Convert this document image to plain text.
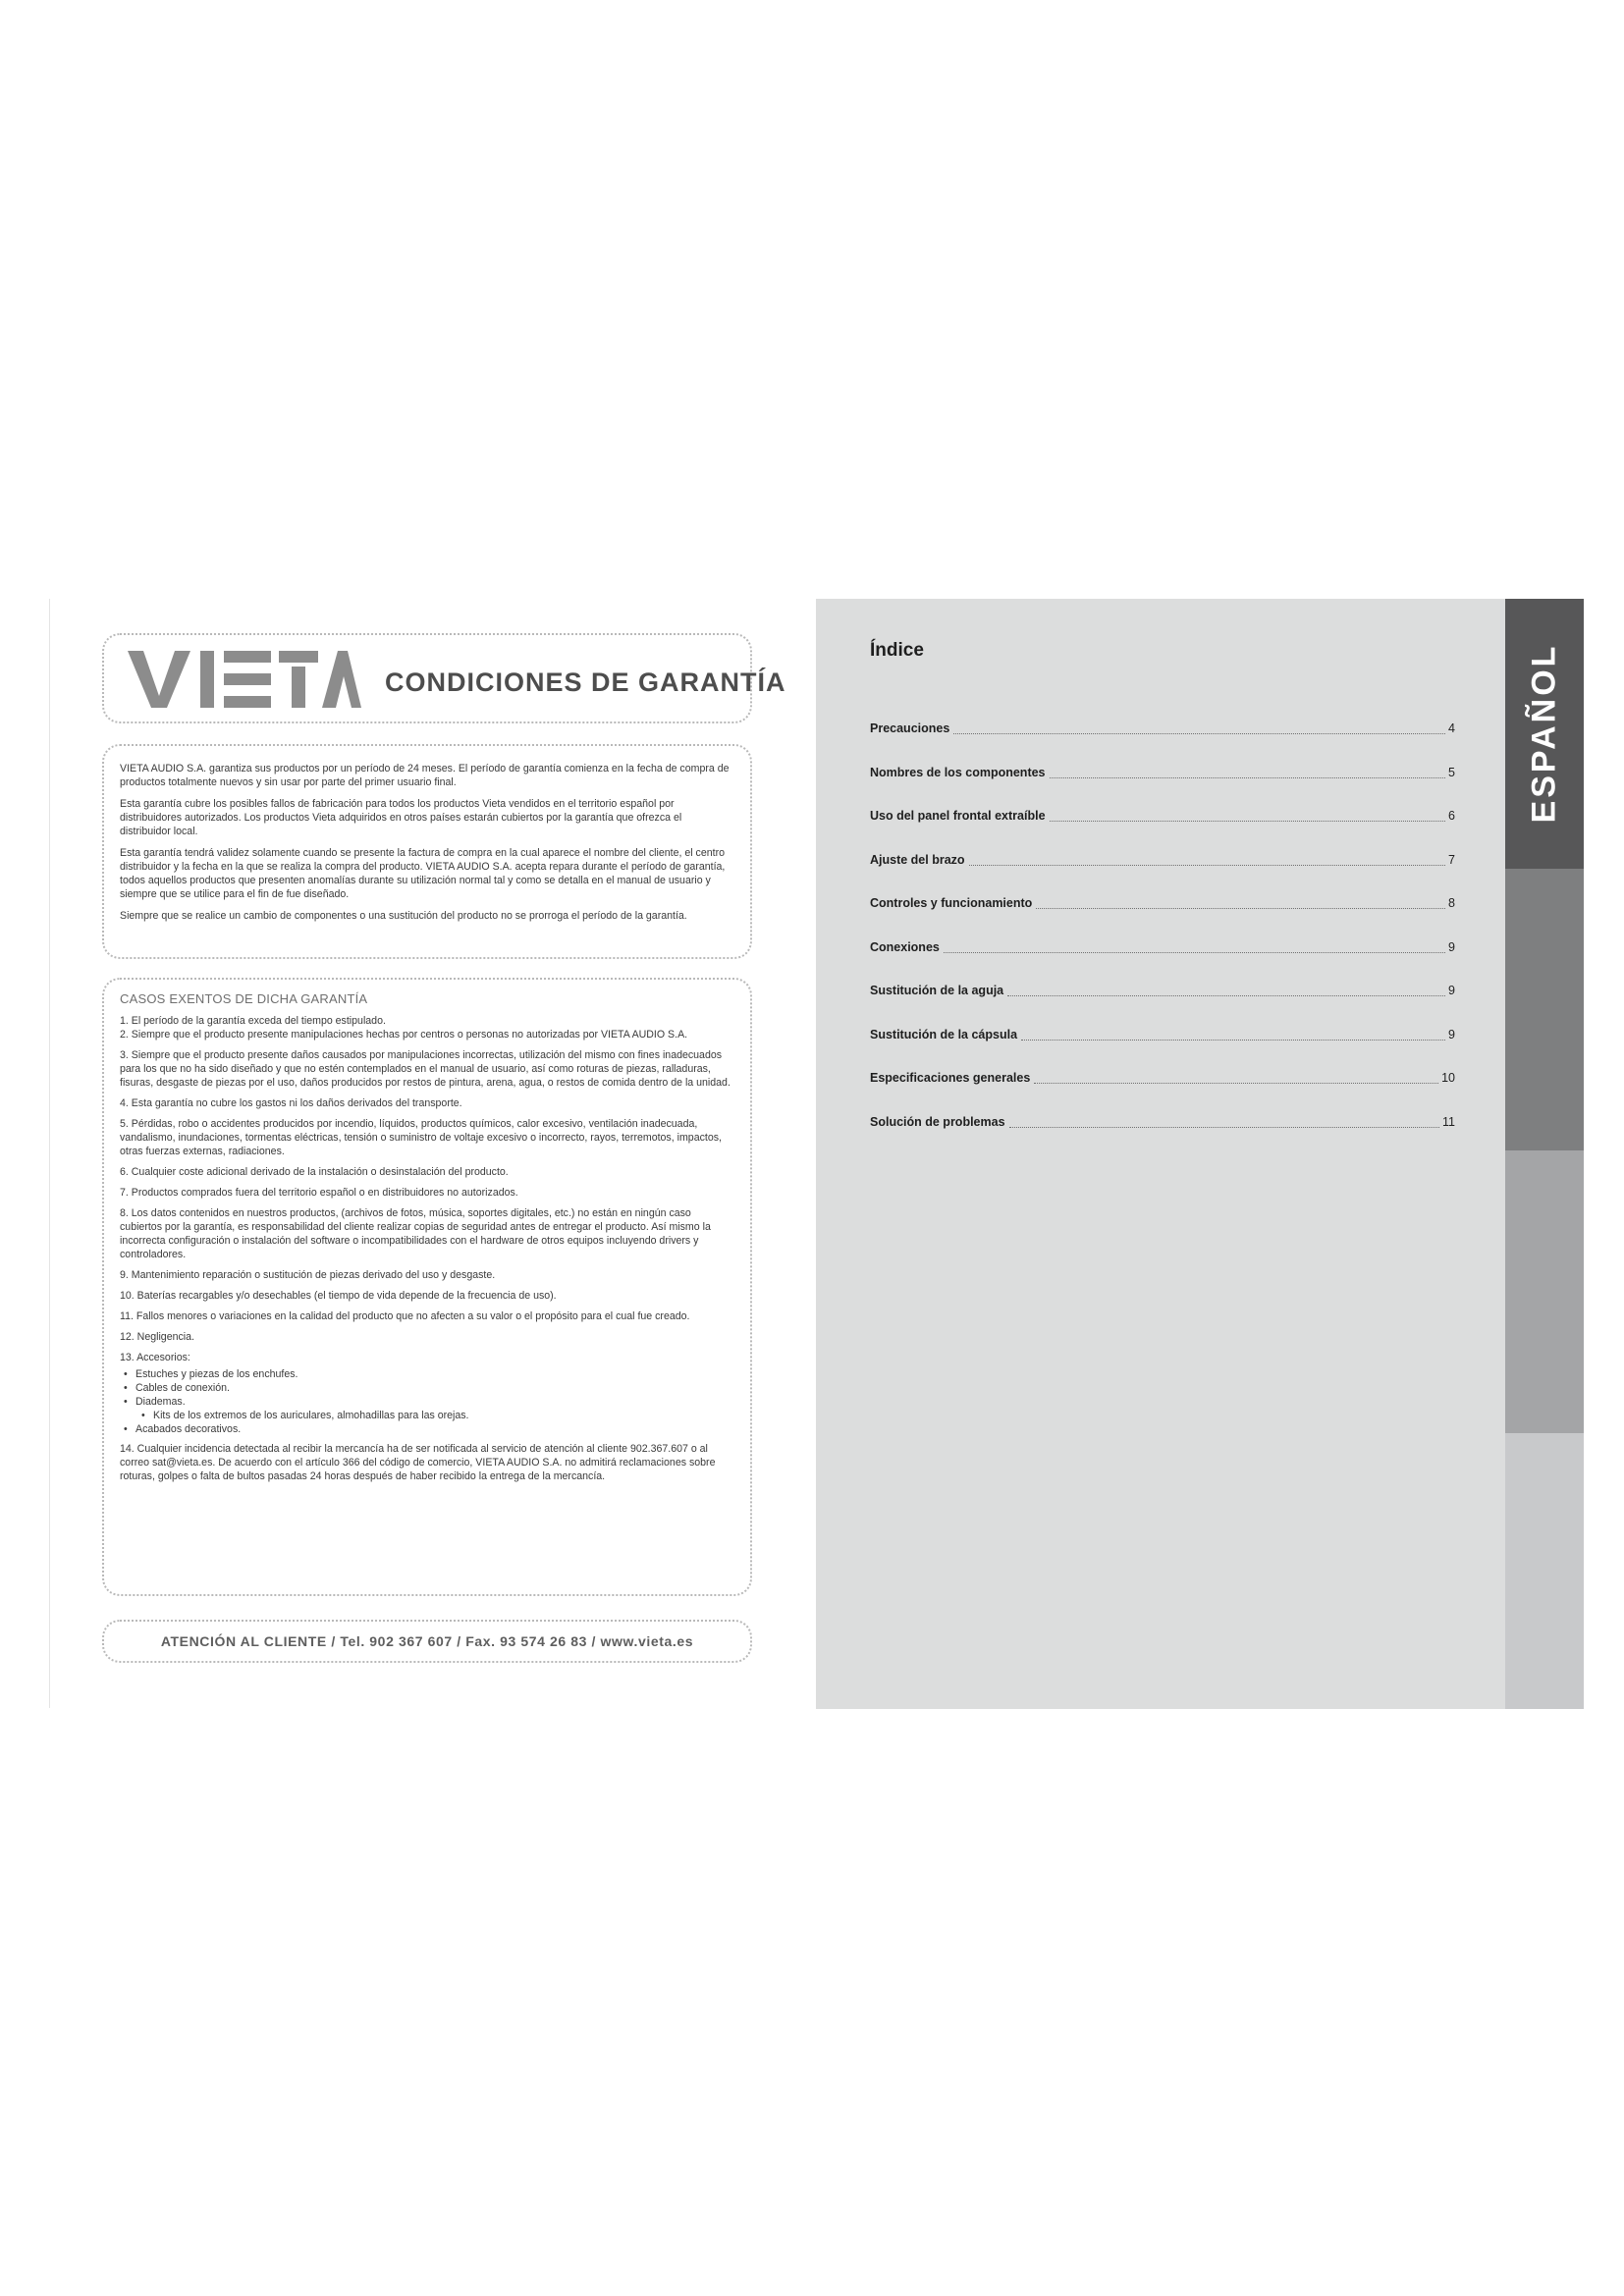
CONDICIONES DE GARANTÍA

VIETA AUDIO S.A. garantiza sus productos por un período de 24 meses. El período de garantía comienza en la fecha de compra de productos totalmente nuevos y sin usar por parte del primer usuario final.

Esta garantía cubre los posibles fallos de fabricación para todos los productos Vieta vendidos en el territorio español por distribuidores autorizados. Los productos Vieta adquiridos en otros países estarán cubiertos por la garantía que ofrezca el distribuidor local.

Esta garantía tendrá validez solamente cuando se presente la factura de compra en la cual aparece el nombre del cliente, el centro distribuidor y la fecha en la que se realiza la compra del producto. VIETA AUDIO S.A. acepta repara durante el período de garantía, todos aquellos productos que presenten anomalías durante su utilización normal tal y como se detalla en el manual de usuario y siempre que se utilice para el fin de fue diseñado.

Siempre que se realice un cambio de componentes o una sustitución del producto no se prorroga el período de la garantía.

CASOS EXENTOS DE DICHA GARANTÍA

1. El período de la garantía exceda del tiempo estipulado.
2. Siempre que el producto presente manipulaciones hechas por centros o personas no autorizadas por VIETA AUDIO S.A.

3. Siempre que el producto presente daños causados por manipulaciones incorrectas, utilización del mismo con fines inadecuados para los que no ha sido diseñado y que no estén contemplados en el manual de usuario, así como roturas de piezas, ralladuras, fisuras, desgaste de piezas por el uso, daños producidos por restos de pintura, arena, agua, o restos de comida dentro de la unidad.

4. Esta garantía no cubre los gastos ni los daños derivados del transporte.

5. Pérdidas, robo o accidentes producidos por incendio, líquidos, productos químicos, calor excesivo, ventilación inadecuada, vandalismo, inundaciones, tormentas eléctricas, tensión o suministro de voltaje excesivo o incorrecto, rayos, terremotos, impactos, otras fuerzas externas, radiaciones.

6. Cualquier coste adicional derivado de la instalación o desinstalación del producto.

7. Productos comprados fuera del territorio español o en distribuidores no autorizados.

8. Los datos contenidos en nuestros productos, (archivos de fotos, música, soportes digitales, etc.) no están en ningún caso cubiertos por la garantía, es responsabilidad del cliente realizar copias de seguridad antes de entregar el producto. Así mismo la incorrecta configuración o instalación del software o incompatibilidades con el hardware de otros equipos incluyendo drivers y controladores.

9. Mantenimiento reparación o sustitución de piezas derivado del uso y desgaste.

10. Baterías recargables y/o desechables (el tiempo de vida depende de la frecuencia de uso).

11. Fallos menores o variaciones en la calidad del producto que no afecten a su valor o el propósito para el cual fue creado.

12. Negligencia.

13. Accesorios:

• Estuches y piezas de los enchufes.
• Cables de conexión.
• Diademas.
• Kits de los extremos de los auriculares, almohadillas para las orejas.
• Acabados decorativos.

14. Cualquier incidencia detectada al recibir la mercancía ha de ser notificada al servicio de atención al cliente 902.367.607 o al correo sat@vieta.es. De acuerdo con el artículo 366 del código de comercio, VIETA AUDIO S.A. no admitirá reclamaciones sobre roturas, golpes o falta de bultos pasadas 24 horas después de haber recibido la entrega de la mercancía.

ATENCIÓN AL CLIENTE / Tel. 902 367 607 / Fax. 93 574 26 83 / www.vieta.es
Índice
Precauciones	4
Nombres de los componentes	5
Uso del panel frontal extraíble	6
Ajuste del brazo	7
Controles y funcionamiento	8
Conexiones	9
Sustitución de la aguja	9
Sustitución de la cápsula	9
Especificaciones generales	10
Solución de problemas	11
ESPAÑOL
